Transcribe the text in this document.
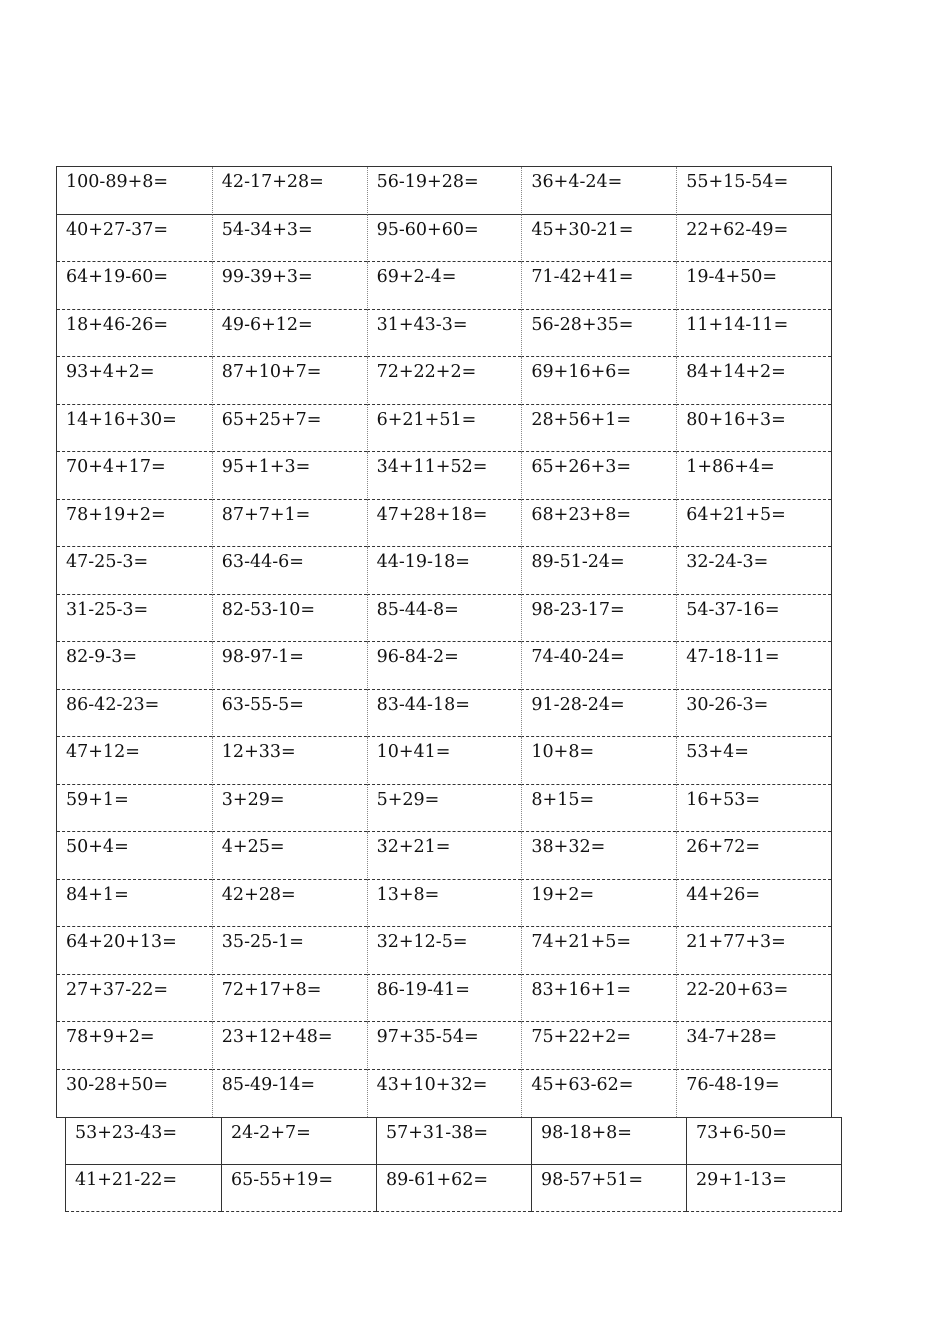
100-89+8=	42-17+28=	56-19+28=	36+4-24=	55+15-54=
40+27-37=	54-34+3=	95-60+60=	45+30-21=	22+62-49=
64+19-60=	99-39+3=	69+2-4=	71-42+41=	19-4+50=
18+46-26=	49-6+12=	31+43-3=	56-28+35=	11+14-11=
93+4+2=	87+10+7=	72+22+2=	69+16+6=	84+14+2=
14+16+30=	65+25+7=	6+21+51=	28+56+1=	80+16+3=
70+4+17=	95+1+3=	34+11+52=	65+26+3=	1+86+4=
78+19+2=	87+7+1=	47+28+18=	68+23+8=	64+21+5=
47-25-3=	63-44-6=	44-19-18=	89-51-24=	32-24-3=
31-25-3=	82-53-10=	85-44-8=	98-23-17=	54-37-16=
82-9-3=	98-97-1=	96-84-2=	74-40-24=	47-18-11=
86-42-23=	63-55-5=	83-44-18=	91-28-24=	30-26-3=
47+12=	12+33=	10+41=	10+8=	53+4=
59+1=	3+29=	5+29=	8+15=	16+53=
50+4=	4+25=	32+21=	38+32=	26+72=
84+1=	42+28=	13+8=	19+2=	44+26=
64+20+13=	35-25-1=	32+12-5=	74+21+5=	21+77+3=
27+37-22=	72+17+8=	86-19-41=	83+16+1=	22-20+63=
78+9+2=	23+12+48=	97+35-54=	75+22+2=	34-7+28=
30-28+50=	85-49-14=	43+10+32=	45+63-62=	76-48-19=
53+23-43=	24-2+7=	57+31-38=	98-18+8=	73+6-50=
41+21-22=	65-55+19=	89-61+62=	98-57+51=	29+1-13=
